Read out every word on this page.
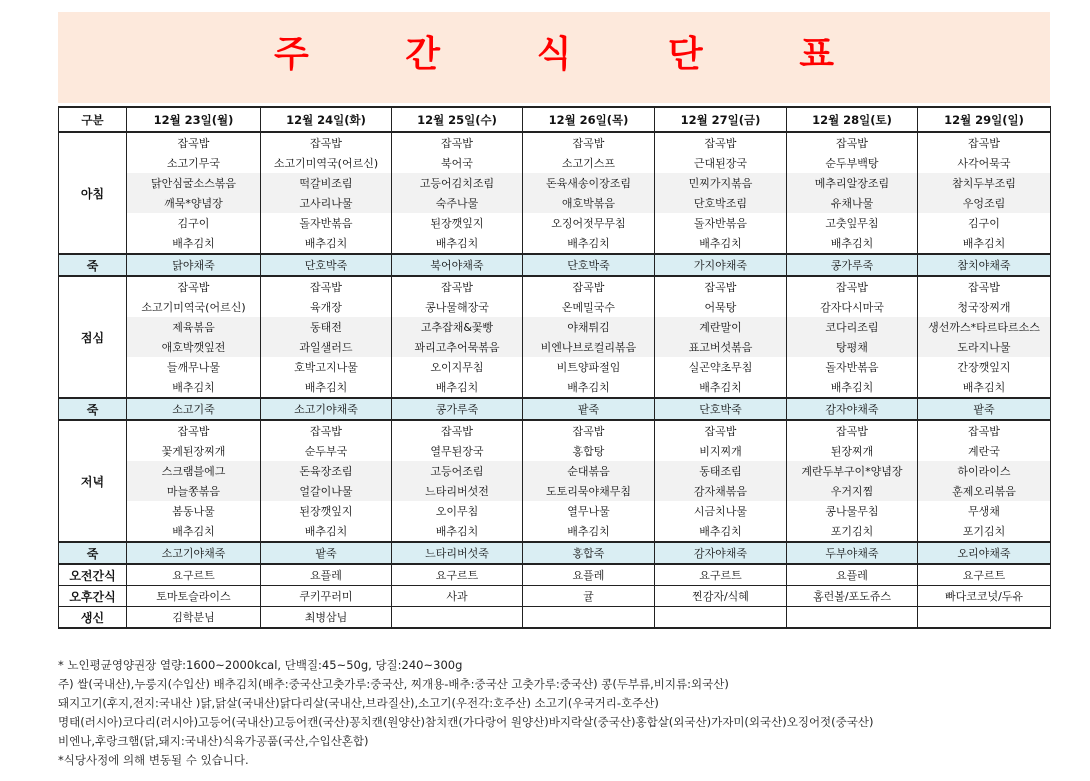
주 간 식 단 표
구분	12월 23일(월)	12월 24일(화)	12월 25일(수)	12월 26일(목)	12월 27일(금)	12월 28일(토)	12월 29일(일)
아침	잡곡밥	잡곡밥	잡곡밥	잡곡밥	잡곡밥	잡곡밥	잡곡밥
	소고기무국	소고기미역국(어르신)	북어국	소고기스프	근대된장국	순두부백탕	사각어묵국
	닭안심굴소스볶음	떡갈비조림	고등어김치조림	돈육새송이장조림	민찌가지볶음	메추리알장조림	참치두부조림
	깨묵*양념장	고사리나물	숙주나물	애호박볶음	단호박조림	유채나물	우엉조림
	김구이	돌자반볶음	된장깻잎지	오징어젓무무침	돌자반볶음	고춧잎무침	김구이
	배추김치	배추김치	배추김치	배추김치	배추김치	배추김치	배추김치
죽	닭야채죽	단호박죽	북어야채죽	단호박죽	가지야채죽	콩가루죽	참치야채죽
점심	잡곡밥	잡곡밥	잡곡밥	잡곡밥	잡곡밥	잡곡밥	잡곡밥
	소고기미역국(어르신)	육개장	콩나물해장국	온메밀국수	어묵탕	감자다시마국	청국장찌개
	제육볶음	동태전	고추잡채&꽃빵	야채튀김	계란말이	코다리조림	생선까스*타르타르소스
	애호박깻잎전	과일샐러드	꽈리고추어묵볶음	비엔나브로컬리볶음	표고버섯볶음	탕평채	도라지나물
	들깨무나물	호박고지나물	오이지무침	비트양파절임	실곤약초무침	돌자반볶음	간장깻잎지
	배추김치	배추김치	배추김치	배추김치	배추김치	배추김치	배추김치
죽	소고기죽	소고기야채죽	콩가루죽	팥죽	단호박죽	감자야채죽	팥죽
저녁	잡곡밥	잡곡밥	잡곡밥	잡곡밥	잡곡밥	잡곡밥	잡곡밥
	꽃게된장찌개	순두부국	열무된장국	홍합탕	비지찌개	된장찌개	계란국
	스크램블에그	돈육장조림	고등어조림	순대볶음	동태조림	계란두부구이*양념장	하이라이스
	마늘쫑볶음	얼갈이나물	느타리버섯전	도토리묵야채무침	감자채볶음	우거지찜	훈제오리볶음
	봄동나물	된장깻잎지	오이무침	열무나물	시금치나물	콩나물무침	무생채
	배추김치	배추김치	배추김치	배추김치	배추김치	포기김치	포기김치
죽	소고기야채죽	팥죽	느타리버섯죽	홍합죽	감자야채죽	두부야채죽	오리야채죽
오전간식	요구르트	요플레	요구르트	요플레	요구르트	요플레	요구르트
오후간식	토마토슬라이스	쿠키꾸러미	사과	귤	찐감자/식혜	홈런볼/포도쥬스	빠다코코넛/두유
생신	김학분님	최병삼님					
* 노인평균영양권장 열량:1600~2000kcal, 단백질:45~50g, 당질:240~300g
주) 쌀(국내산),누룽지(수입산) 배추김치(배추:중국산고춧가루:중국산, 찌개용-배추:중국산 고춧가루:중국산) 콩(두부류,비지류:외국산)
돼지고기(후지,전지:국내산 )닭,닭살(국내산)닭다리살(국내산,브라질산),소고기(우전각:호주산) 소고기(우국거리-호주산)
명태(러시아)코다리(러시아)고등어(국내산)고등어캔(국산)꽁치캔(원양산)참치캔(가다랑어 원양산)바지락살(중국산)홍합살(외국산)가자미(외국산)오징어젓(중국산)
비엔나,후랑크햄(닭,돼지:국내산)식육가공품(국산,수입산혼합)
*식당사정에 의해 변동될 수 있습니다.
